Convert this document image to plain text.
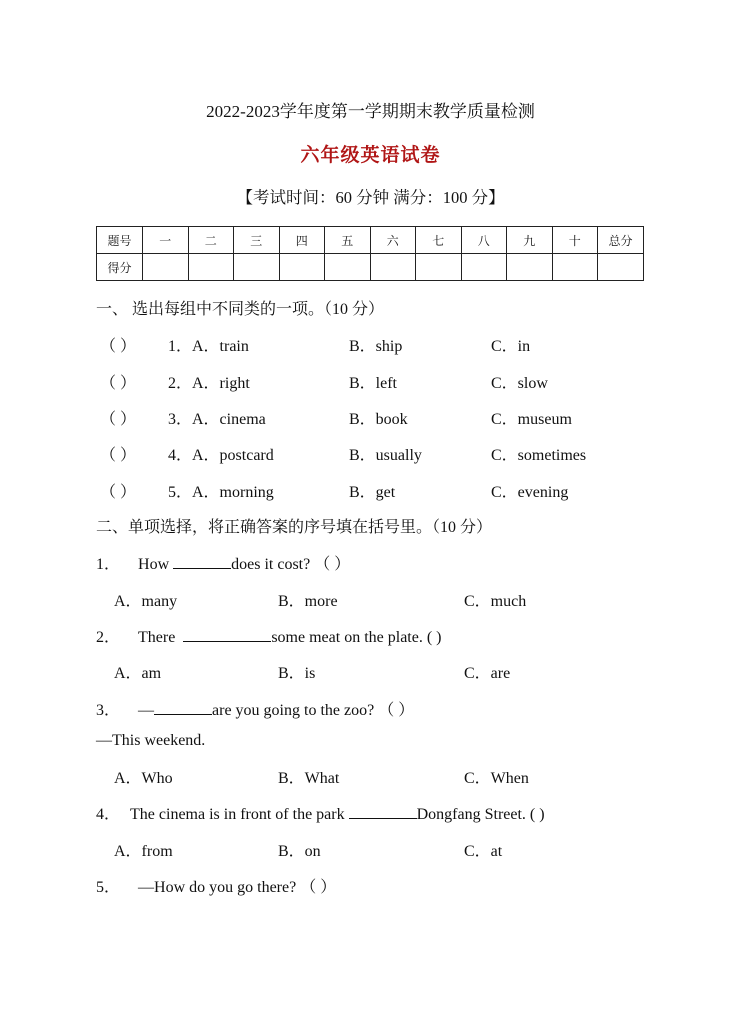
2022-2023学年度第一学期期末教学质量检测
六年级英语试卷
【考试时间：60 分钟 满分：100 分】
题号	一	二	三	四	五	六	七	八	九	十	总分
得分											
一、 选出每组中不同类的一项。（10 分）
（ ） 1．A．train	B．ship	C．in
（ ） 2．A．right	B．left	C．slow
（ ） 3．A．cinema	B．book	C．museum
（ ） 4．A．postcard	B．usually	C．sometimes
（ ） 5．A．morning	B．get	C．evening
二、单项选择，将正确答案的序号填在括号里。（10 分）
1． How	does it cost? （ ）
A．many	B．more	C．much
2． There	some meat on the plate. ( )
A．am	B．is	C．are
3． —	are you going to the zoo? （ ）
—This weekend.
A．Who	B．What	C．When
4． The cinema is in front of the park	Dongfang Street. ( )
A．from	B．on	C．at
5． —How do you go there? （ ）
